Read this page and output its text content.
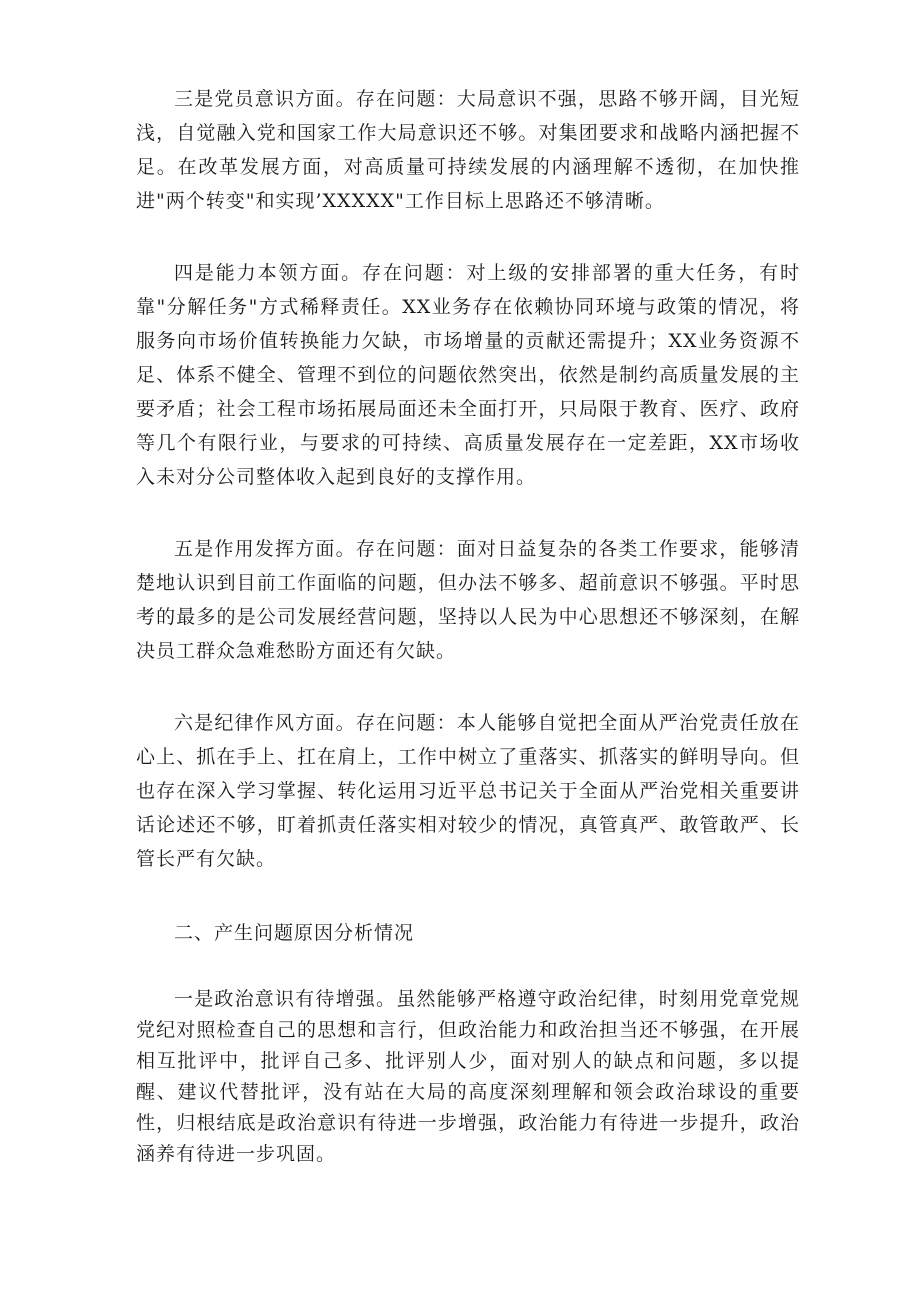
三是党员意识方面。存在问题：大局意识不强，思路不够开阔，目光短浅，自觉融入党和国家工作大局意识还不够。对集团要求和战略内涵把握不足。在改革发展方面，对高质量可持续发展的内涵理解不透彻，在加快推进"两个转变"和实现’XXXXX"工作目标上思路还不够清晰。

四是能力本领方面。存在问题：对上级的安排部署的重大任务，有时靠"分解任务"方式稀释责任。XX业务存在依赖协同环境与政策的情况，将服务向市场价值转换能力欠缺，市场增量的贡献还需提升；XX业务资源不足、体系不健全、管理不到位的问题依然突出，依然是制约高质量发展的主要矛盾；社会工程市场拓展局面还未全面打开，只局限于教育、医疗、政府等几个有限行业，与要求的可持续、高质量发展存在一定差距，XX市场收入未对分公司整体收入起到良好的支撑作用。

五是作用发挥方面。存在问题：面对日益复杂的各类工作要求，能够清楚地认识到目前工作面临的问题，但办法不够多、超前意识不够强。平时思考的最多的是公司发展经营问题，坚持以人民为中心思想还不够深刻，在解决员工群众急难愁盼方面还有欠缺。

六是纪律作风方面。存在问题：本人能够自觉把全面从严治党责任放在心上、抓在手上、扛在肩上，工作中树立了重落实、抓落实的鲜明导向。但也存在深入学习掌握、转化运用习近平总书记关于全面从严治党相关重要讲话论述还不够，盯着抓责任落实相对较少的情况，真管真严、敢管敢严、长管长严有欠缺。

二、产生问题原因分析情况

一是政治意识有待增强。虽然能够严格遵守政治纪律，时刻用党章党规党纪对照检查自己的思想和言行，但政治能力和政治担当还不够强，在开展相互批评中，批评自己多、批评别人少，面对别人的缺点和问题，多以提醒、建议代替批评，没有站在大局的高度深刻理解和领会政治球设的重要性，归根结底是政治意识有待进一步增强，政治能力有待进一步提升，政治涵养有待进一步巩固。
